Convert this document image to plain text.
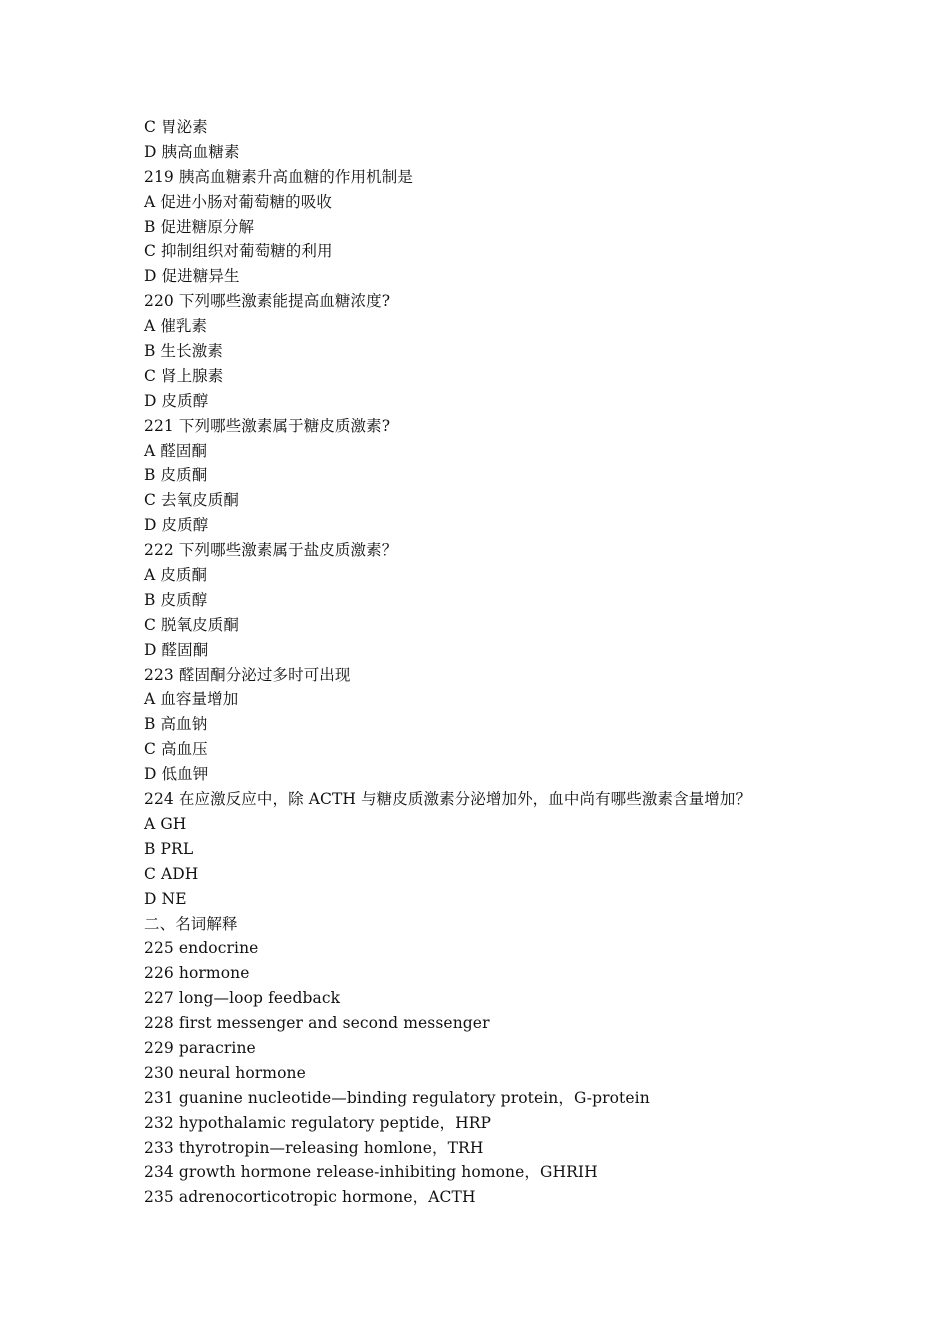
C 胃泌素
D 胰高血糖素
219 胰高血糖素升高血糖的作用机制是
A 促进小肠对葡萄糖的吸收
B 促进糖原分解
C 抑制组织对葡萄糖的利用
D 促进糖异生
220 下列哪些激素能提高血糖浓度?
A 催乳素
B 生长激素
C 肾上腺素
D 皮质醇
221 下列哪些激素属于糖皮质激素?
A 醛固酮
B 皮质酮
C 去氧皮质酮
D 皮质醇
222 下列哪些激素属于盐皮质激素？
A 皮质酮
B 皮质醇
C 脱氧皮质酮
D 醛固酮
223 醛固酮分泌过多时可出现
A 血容量增加
B 高血钠
C 高血压
D 低血钾
224 在应激反应中，除 ACTH 与糖皮质激素分泌增加外，血中尚有哪些激素含量增加？
A GH
B PRL
C ADH
D NE
二、名词解释
225 endocrine
226 hormone
227 long—loop feedback
228 first messenger and second messenger
229 paracrine
230 neural hormone
231 guanine nucleotide—binding regulatory protein，G-protein
232 hypothalamic regulatory peptide，HRP
233 thyrotropin—releasing homlone，TRH
234 growth hormone release-inhibiting homone，GHRIH
235 adrenocorticotropic hormone，ACTH
